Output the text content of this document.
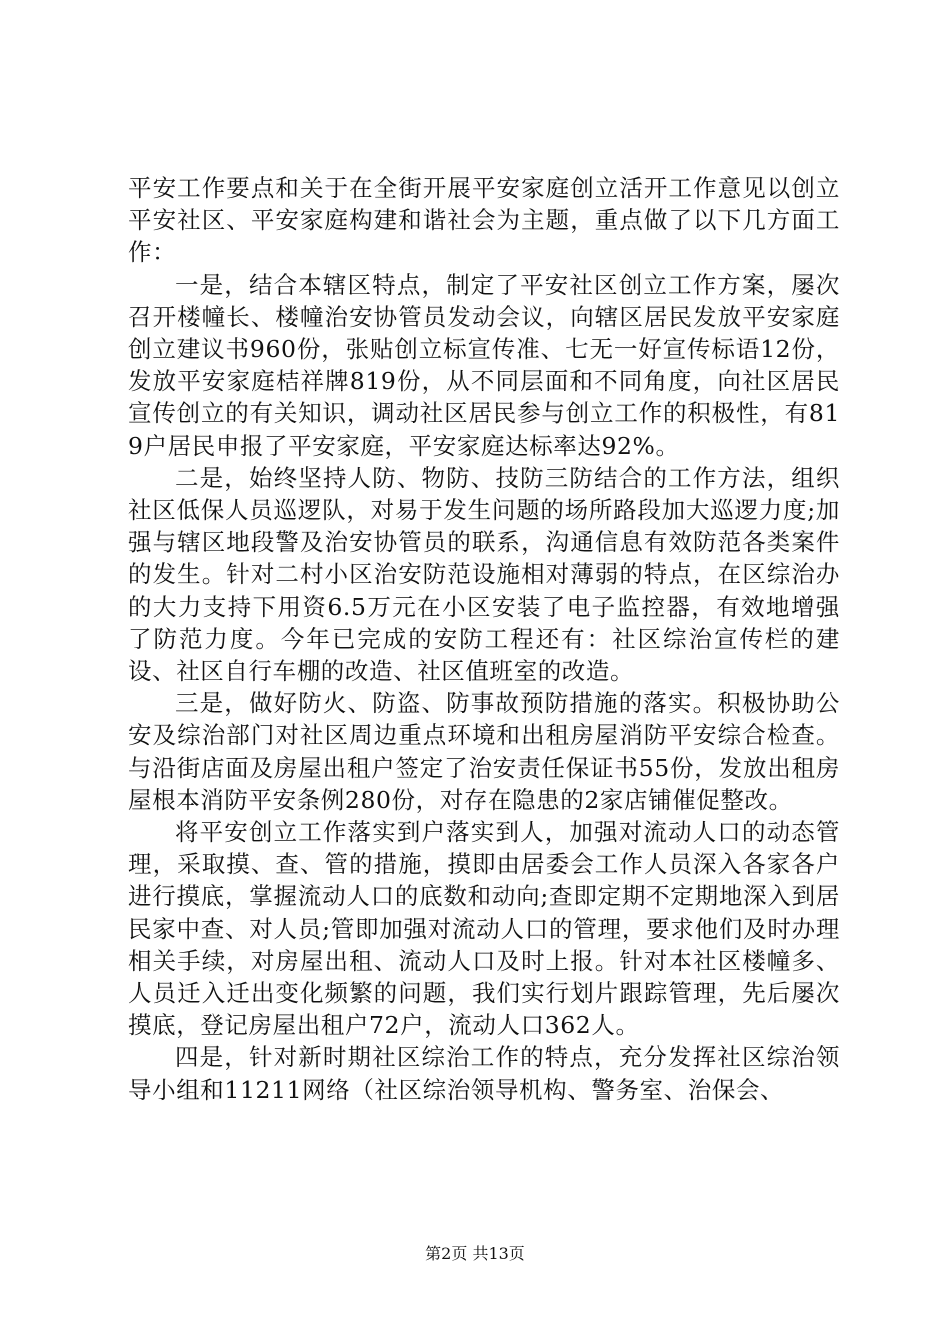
平安工作要点和关于在全街开展平安家庭创立活开工作意见以创立平安社区、平安家庭构建和谐社会为主题，重点做了以下几方面工作：

一是，结合本辖区特点，制定了平安社区创立工作方案，屡次召开楼幢长、楼幢治安协管员发动会议，向辖区居民发放平安家庭创立建议书960份，张贴创立标宣传准、七无一好宣传标语12份，发放平安家庭桔祥牌819份，从不同层面和不同角度，向社区居民宣传创立的有关知识，调动社区居民参与创立工作的积极性，有819户居民申报了平安家庭，平安家庭达标率达92%。

二是，始终坚持人防、物防、技防三防结合的工作方法，组织社区低保人员巡逻队，对易于发生问题的场所路段加大巡逻力度;加强与辖区地段警及治安协管员的联系，沟通信息有效防范各类案件的发生。针对二村小区治安防范设施相对薄弱的特点，在区综治办的大力支持下用资6.5万元在小区安装了电子监控器，有效地增强了防范力度。今年已完成的安防工程还有：社区综治宣传栏的建设、社区自行车棚的改造、社区值班室的改造。

三是，做好防火、防盗、防事故预防措施的落实。积极协助公安及综治部门对社区周边重点环境和出租房屋消防平安综合检查。与沿街店面及房屋出租户签定了治安责任保证书55份，发放出租房屋根本消防平安条例280份，对存在隐患的2家店铺催促整改。

将平安创立工作落实到户落实到人，加强对流动人口的动态管理，采取摸、查、管的措施，摸即由居委会工作人员深入各家各户进行摸底，掌握流动人口的底数和动向;查即定期不定期地深入到居民家中查、对人员;管即加强对流动人口的管理，要求他们及时办理相关手续，对房屋出租、流动人口及时上报。针对本社区楼幢多、人员迁入迁出变化频繁的问题，我们实行划片跟踪管理，先后屡次摸底，登记房屋出租户72户，流动人口362人。

四是，针对新时期社区综治工作的特点，充分发挥社区综治领导小组和11211网络（社区综治领导机构、警务室、治保会、

第2页 共13页
